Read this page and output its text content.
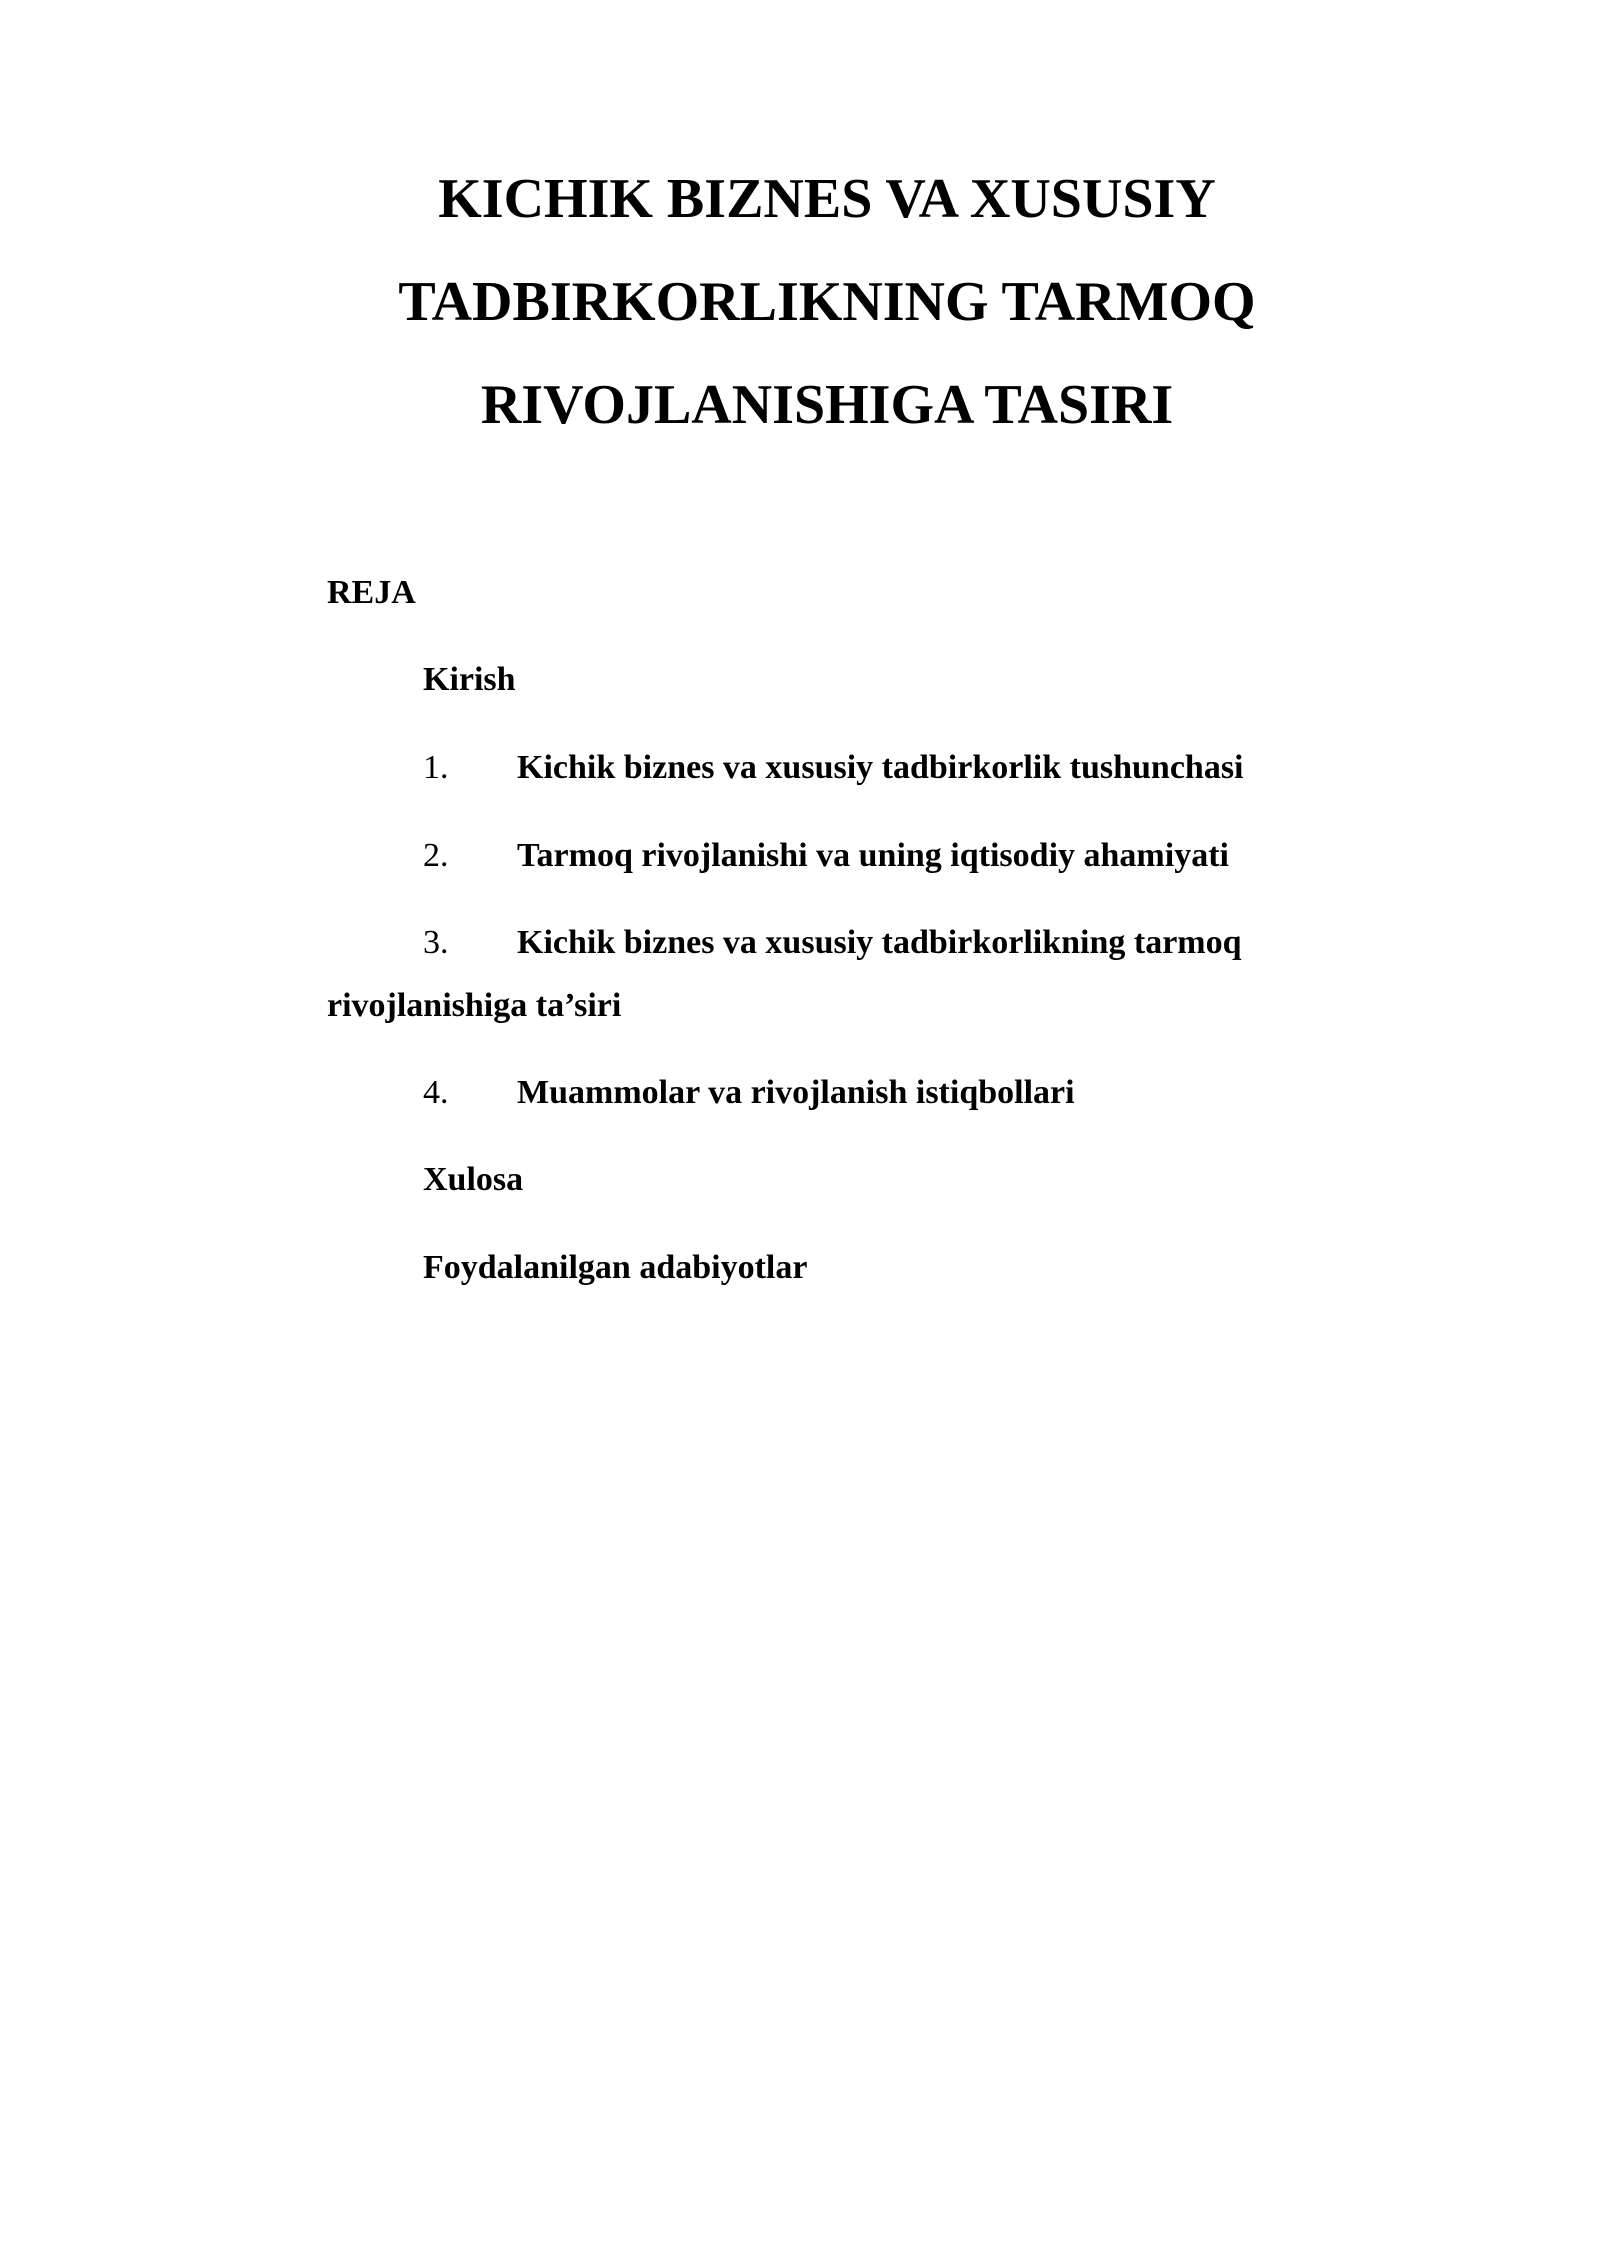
KICHIK BIZNES VA XUSUSIY
TADBIRKORLIKNING TARMOQ
RIVOJLANISHIGA TASIRI
REJA
Kirish
1. Kichik biznes va xususiy tadbirkorlik tushunchasi
2. Tarmoq rivojlanishi va uning iqtisodiy ahamiyati
3. Kichik biznes va xususiy tadbirkorlikning tarmoq
rivojlanishiga ta’siri
4. Muammolar va rivojlanish istiqbollari
Xulosa
Foydalanilgan adabiyotlar
